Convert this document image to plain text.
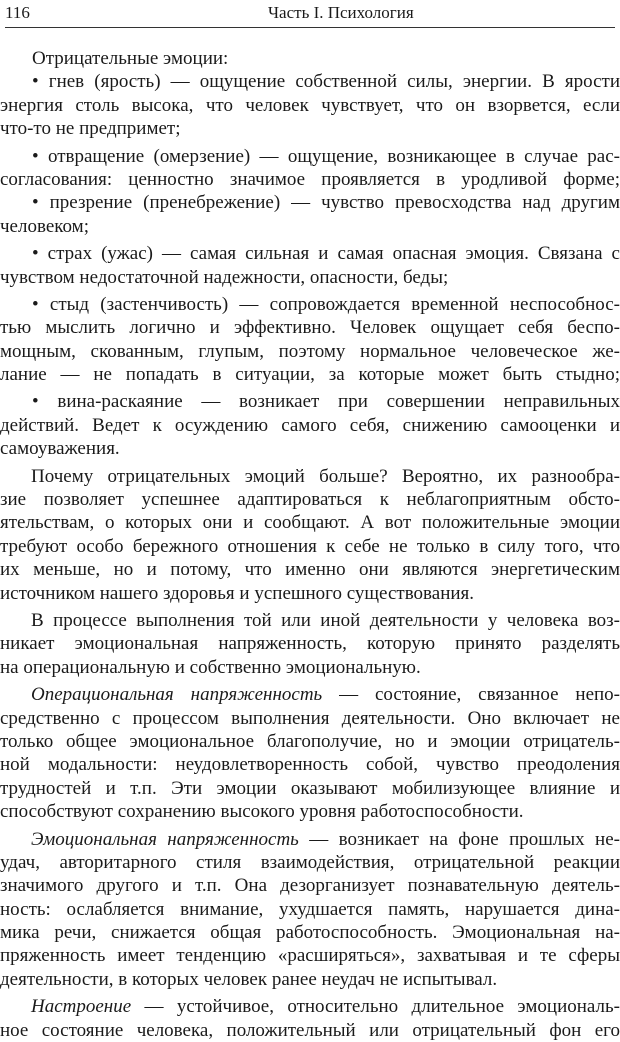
116	Часть I. Психология
Отрицательные эмоции:
• гнев (ярость) — ощущение собственной силы, энергии. В ярости
энергия столь высока, что человек чувствует, что он взорвется, если
что-то не предпримет;
• отвращение (омерзение) — ощущение, возникающее в случае рас-
согласования: ценностно значимое проявляется в уродливой форме;
• презрение (пренебрежение) — чувство превосходства над другим
человеком;
• страх (ужас) — самая сильная и самая опасная эмоция. Связана с
чувством недостаточной надежности, опасности, беды;
• стыд (застенчивость) — сопровождается временной неспособнос-
тью мыслить логично и эффективно. Человек ощущает себя беспо-
мощным, скованным, глупым, поэтому нормальное человеческое же-
лание — не попадать в ситуации, за которые может быть стыдно;
• вина-раскаяние — возникает при совершении неправильных
действий. Ведет к осуждению самого себя, снижению самооценки и
самоуважения.
Почему отрицательных эмоций больше? Вероятно, их разнообра-
зие позволяет успешнее адаптироваться к неблагоприятным обсто-
ятельствам, о которых они и сообщают. А вот положительные эмоции
требуют особо бережного отношения к себе не только в силу того, что
их меньше, но и потому, что именно они являются энергетическим
источником нашего здоровья и успешного существования.
В процессе выполнения той или иной деятельности у человека воз-
никает эмоциональная напряженность, которую принято разделять
на операциональную и собственно эмоциональную.
Операциональная напряженность — состояние, связанное непо-
средственно с процессом выполнения деятельности. Оно включает не
только общее эмоциональное благополучие, но и эмоции отрицатель-
ной модальности: неудовлетворенность собой, чувство преодоления
трудностей и т.п. Эти эмоции оказывают мобилизующее влияние и
способствуют сохранению высокого уровня работоспособности.
Эмоциональная напряженность — возникает на фоне прошлых не-
удач, авторитарного стиля взаимодействия, отрицательной реакции
значимого другого и т.п. Она дезорганизует познавательную деятель-
ность: ослабляется внимание, ухудшается память, нарушается дина-
мика речи, снижается общая работоспособность. Эмоциональная на-
пряженность имеет тенденцию «расширяться», захватывая и те сферы
деятельности, в которых человек ранее неудач не испытывал.
Настроение — устойчивое, относительно длительное эмоциональ-
ное состояние человека, положительный или отрицательный фон его
